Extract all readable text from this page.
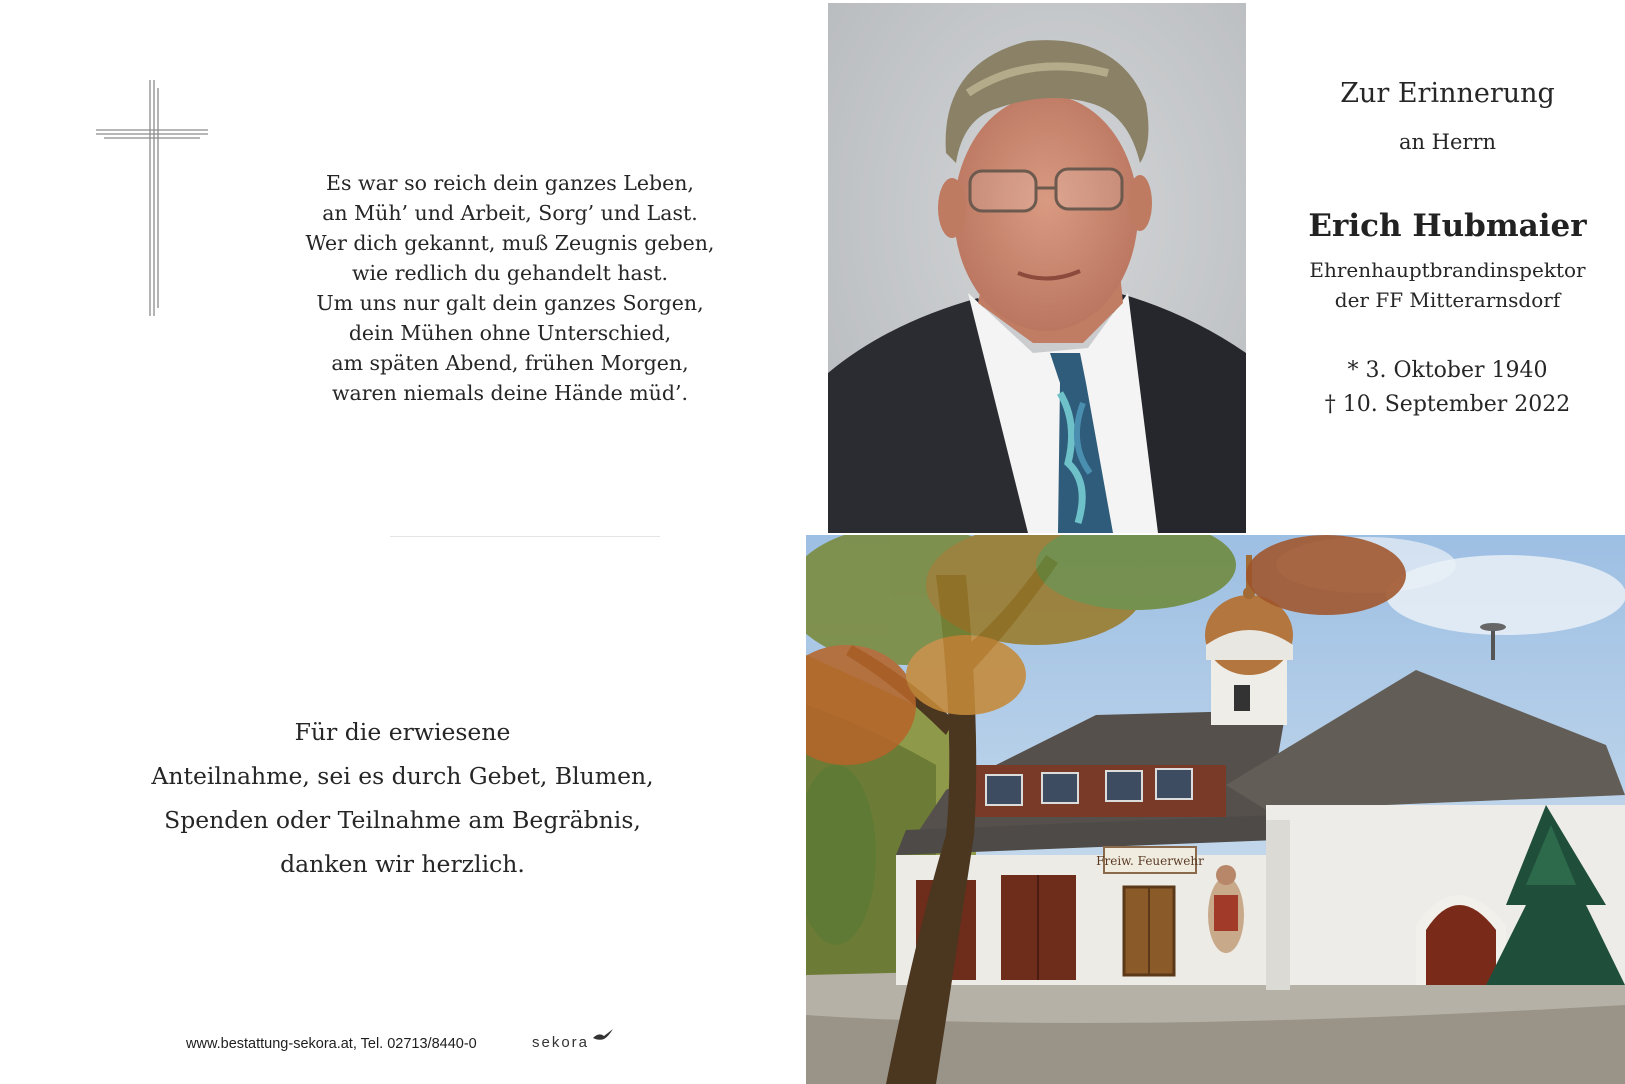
Es war so reich dein ganzes Leben,
an Müh’ und Arbeit, Sorg’ und Last.
Wer dich gekannt, muß Zeugnis geben,
wie redlich du gehandelt hast.
Um uns nur galt dein ganzes Sorgen,
dein Mühen ohne Unterschied,
am späten Abend, frühen Morgen,
waren niemals deine Hände müd’.
Für die erwiesene
Anteilnahme, sei es durch Gebet, Blumen,
Spenden oder Teilnahme am Begräbnis,
danken wir herzlich.
www.bestattung-sekora.at, Tel. 02713/8440-0	sekora
Zur Erinnerung
an Herrn
Erich Hubmaier
Ehrenhauptbrandinspektor
der FF Mitterarnsdorf
* 3. Oktober 1940
† 10. September 2022
Freiw. Feuerwehr
